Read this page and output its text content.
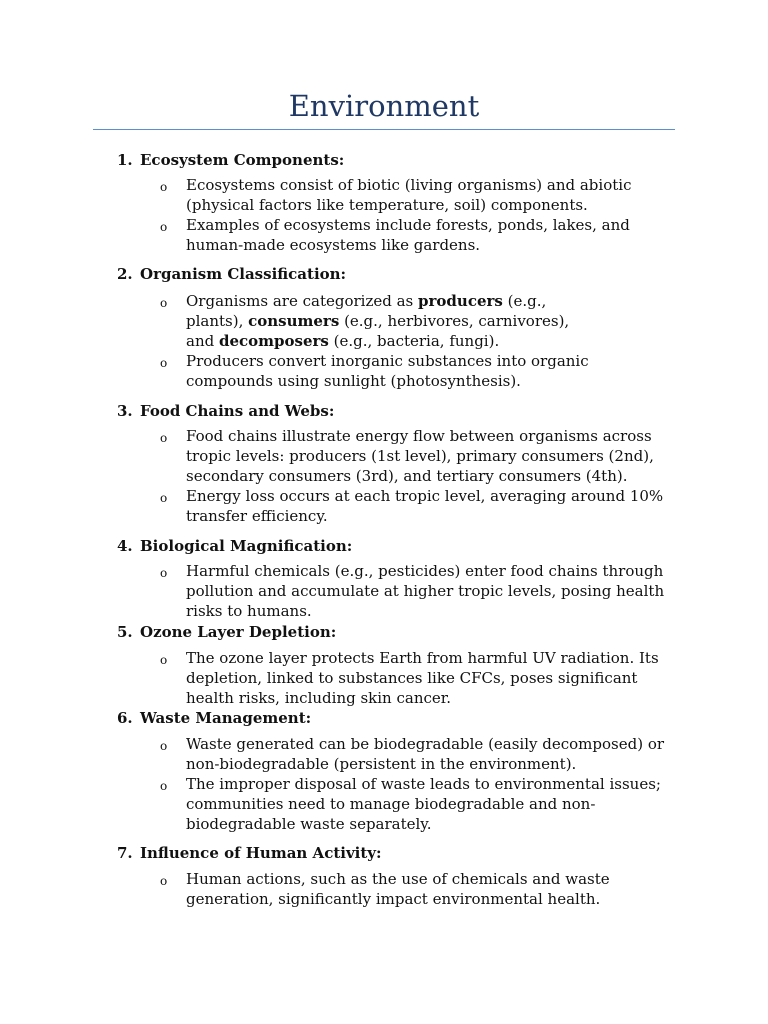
Environment
1. Ecosystem Components:
o Ecosystems consist of biotic (living organisms) and abiotic
(physical factors like temperature, soil) components.
o Examples of ecosystems include forests, ponds, lakes, and
human-made ecosystems like gardens.
2. Organism Classification:
o Organisms are categorized as producers (e.g.,
plants), consumers (e.g., herbivores, carnivores),
and decomposers (e.g., bacteria, fungi).
o Producers convert inorganic substances into organic
compounds using sunlight (photosynthesis).
3. Food Chains and Webs:
o Food chains illustrate energy flow between organisms across
tropic levels: producers (1st level), primary consumers (2nd),
secondary consumers (3rd), and tertiary consumers (4th).
o Energy loss occurs at each tropic level, averaging around 10%
transfer efficiency.
4. Biological Magnification:
o Harmful chemicals (e.g., pesticides) enter food chains through
pollution and accumulate at higher tropic levels, posing health
risks to humans.
5. Ozone Layer Depletion:
o The ozone layer protects Earth from harmful UV radiation. Its
depletion, linked to substances like CFCs, poses significant
health risks, including skin cancer.
6. Waste Management:
o Waste generated can be biodegradable (easily decomposed) or
non-biodegradable (persistent in the environment).
o The improper disposal of waste leads to environmental issues;
communities need to manage biodegradable and non-
biodegradable waste separately.
7. Influence of Human Activity:
o Human actions, such as the use of chemicals and waste
generation, significantly impact environmental health.
